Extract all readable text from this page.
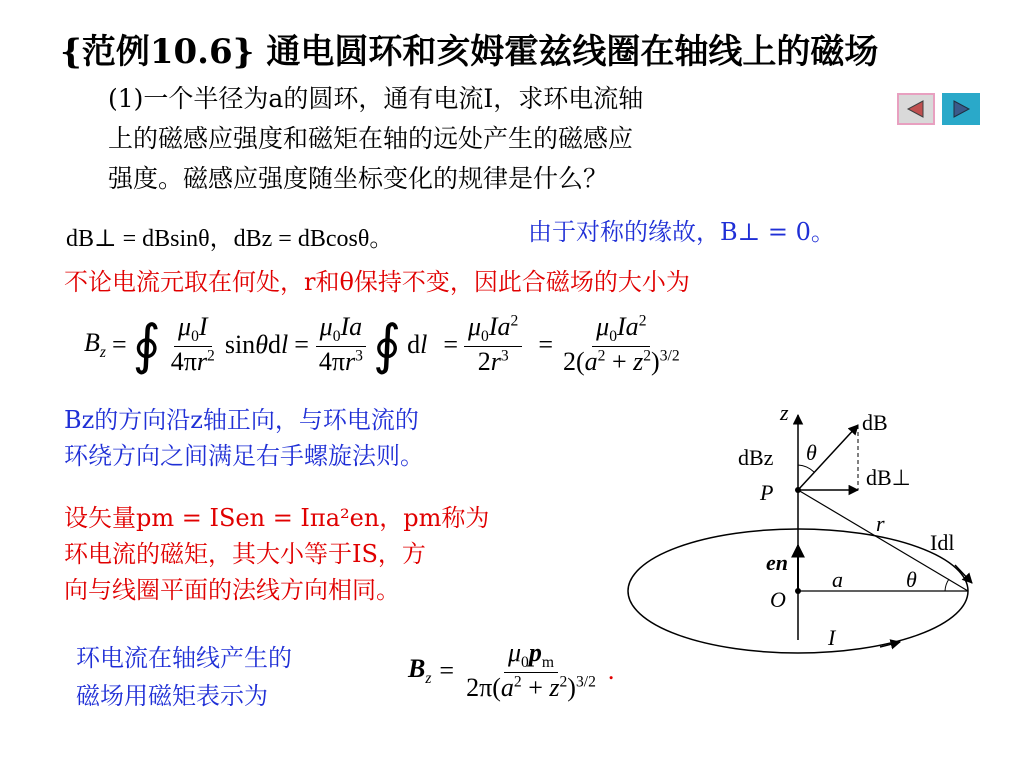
{范例10.6} 通电圆环和亥姆霍兹线圈在轴线上的磁场
(1)一个半径为a的圆环，通有电流I，求环电流轴
上的磁感应强度和磁矩在轴的远处产生的磁感应
强度。磁感应强度随坐标变化的规律是什么？
dB⊥ = dBsinθ，dBz = dBcosθ。	由于对称的缘故，B⊥ = 0。
不论电流元取在何处，r和θ保持不变，因此合磁场的大小为
$B_z$ = ∮ $\frac{\mu_0I}{4\pi r^2}$ $\sin\theta dl = \frac{\mu_0Ia}{4\pi r^3}$ ∮ dl = $\frac{\mu_0Ia^2}{2r^3} = \frac{\mu_0Ia^2}{2(a^2 + z^2)^{3/2}}$
Bz的方向沿z轴正向，与环电流的
环绕方向之间满足右手螺旋法则。
设矢量pm = ISen = Iπa²en，pm称为
环电流的磁矩，其大小等于IS，方
向与线圈平面的法线方向相同。
环电流在轴线产生的
磁场用磁矩表示为
$B_z = \frac{\mu_0p_m}{2\pi(a^2 + z^2)^{3/2}}$ .
z	dB
θ
dBz
P
dB⊥
r
Idl
en
a	θ
O
I
